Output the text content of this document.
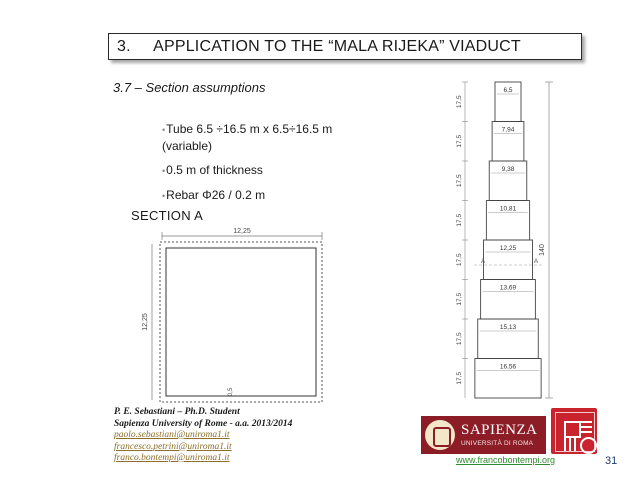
3. APPLICATION TO THE “MALA RIJEKA” VIADUCT
3.7 – Section assumptions
•Tube 6.5 ÷16.5 m x 6.5÷16.5 m (variable)
•0.5 m of thickness
•Rebar Φ26 / 0.2 m
SECTION A
12,25
12,25
0,5
6,5
7,94
9,38
10,81
12,25
13,69
15,13
16,56
17,5
17,5
17,5
17,5
17,5
17,5
17,5
17,5
140
A	A
P. E. Sebastiani – Ph.D. Student
Sapienza University of Rome - a.a. 2013/2014
paolo.sebastiani@uniroma1.it
francesco.petrini@uniroma1.it
franco.bontempi@uniroma1.it
SAPIENZA
UNIVERSITÀ DI ROMA
www.francobontempi.org	31
